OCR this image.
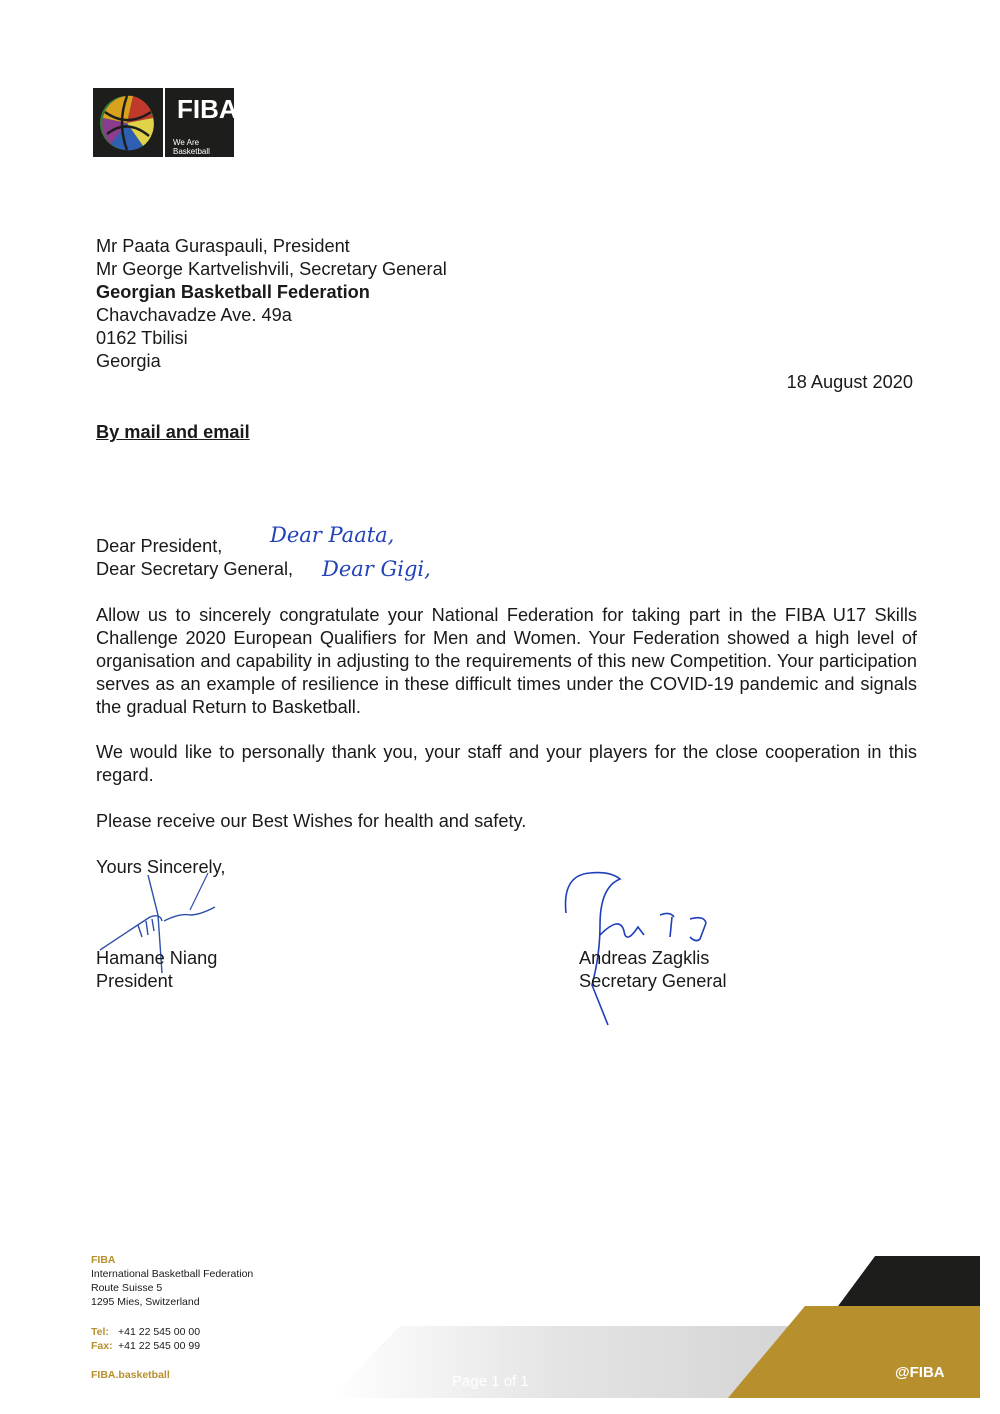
FIBA
We Are Basketball
Mr Paata Guraspauli, President
Mr George Kartvelishvili, Secretary General
Georgian Basketball Federation
Chavchavadze Ave. 49a
0162 Tbilisi
Georgia
18 August 2020
By mail and email
Dear President,
Dear Secretary General,
Dear Paata,
Dear Gigi,
Allow us to sincerely congratulate your National Federation for taking part in the FIBA U17 Skills Challenge 2020 European Qualifiers for Men and Women. Your Federation showed a high level of organisation and capability in adjusting to the requirements of this new Competition. Your participation serves as an example of resilience in these difficult times under the COVID-19 pandemic and signals the gradual Return to Basketball.
We would like to personally thank you, your staff and your players for the close cooperation in this regard.
Please receive our Best Wishes for health and safety.
Yours Sincerely,
Hamane Niang
President
Andreas Zagklis
Secretary General
FIBA
International Basketball Federation
Route Suisse 5
1295 Mies, Switzerland
Tel: +41 22 545 00 00
Fax: +41 22 545 00 99
FIBA.basketball	Page 1 of 1
@FIBA
